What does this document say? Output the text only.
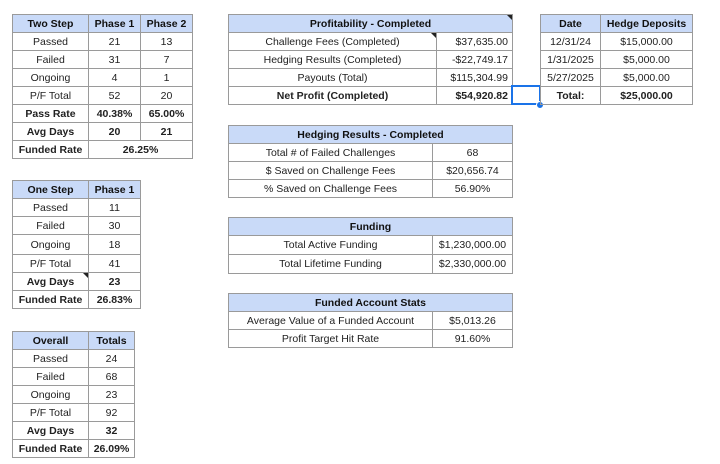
Two Step	Phase 1	Phase 2
Passed	21	13
Failed	31	7
Ongoing	4	1
P/F Total	52	20
Pass Rate	40.38%	65.00%
Avg Days	20	21
Funded Rate	26.25%	
One Step	Phase 1
Passed	11
Failed	30
Ongoing	18
P/F Total	41
Avg Days	23
Funded Rate	26.83%
Overall	Totals
Passed	24
Failed	68
Ongoing	23
P/F Total	92
Avg Days	32
Funded Rate	26.09%
Profitability - Completed	
Challenge Fees (Completed)	$37,635.00
Hedging Results (Completed)	-$22,749.17
Payouts (Total)	$115,304.99
Net Profit (Completed)	$54,920.82
Hedging Results - Completed	
Total # of Failed Challenges	68
$ Saved on Challenge Fees	$20,656.74
% Saved on Challenge Fees	56.90%
Funding	
Total Active Funding	$1,230,000.00
Total Lifetime Funding	$2,330,000.00
Funded Account Stats	
Average Value of a Funded Account	$5,013.26
Profit Target Hit Rate	91.60%
Date	Hedge Deposits
12/31/24	$15,000.00
1/31/2025	$5,000.00
5/27/2025	$5,000.00
Total:	$25,000.00
